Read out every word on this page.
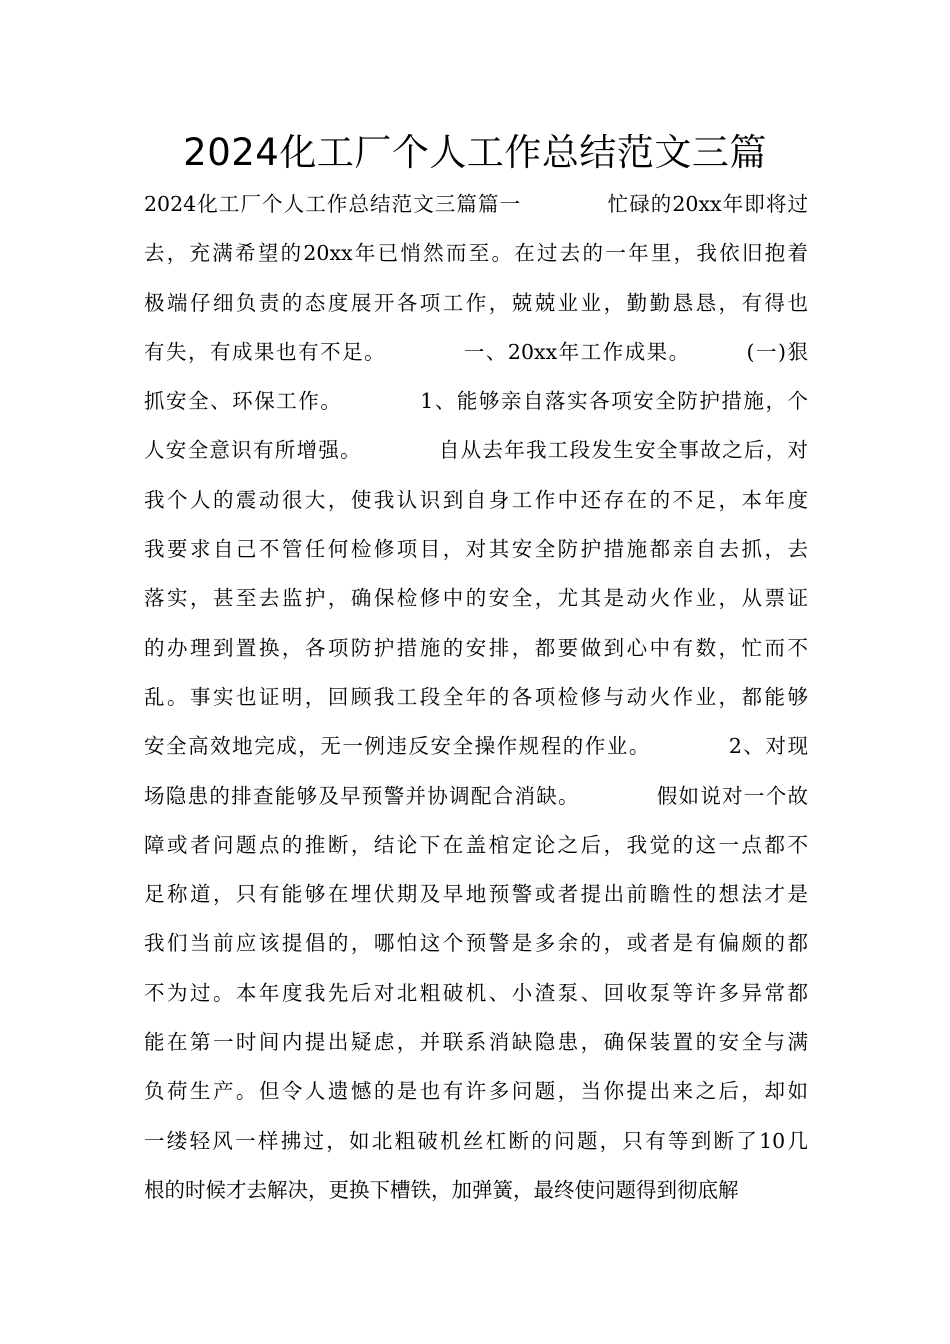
2024化工厂个人工作总结范文三篇
2024化工厂个人工作总结范文三篇篇一　　　　忙碌的20xx年即将过
去，充满希望的20xx年已悄然而至。在过去的一年里，我依旧抱着
极端仔细负责的态度展开各项工作，兢兢业业，勤勤恳恳，有得也
有失，有成果也有不足。　　　　一、20xx年工作成果。　　　(一)狠
抓安全、环保工作。　　　　1、能够亲自落实各项安全防护措施，个
人安全意识有所增强。　　　　自从去年我工段发生安全事故之后，对
我个人的震动很大，使我认识到自身工作中还存在的不足，本年度
我要求自己不管任何检修项目，对其安全防护措施都亲自去抓，去
落实，甚至去监护，确保检修中的安全，尤其是动火作业，从票证
的办理到置换，各项防护措施的安排，都要做到心中有数，忙而不
乱。事实也证明，回顾我工段全年的各项检修与动火作业，都能够
安全高效地完成，无一例违反安全操作规程的作业。　　　　2、对现
场隐患的排查能够及早预警并协调配合消缺。　　　　假如说对一个故
障或者问题点的推断，结论下在盖棺定论之后，我觉的这一点都不
足称道，只有能够在埋伏期及早地预警或者提出前瞻性的想法才是
我们当前应该提倡的，哪怕这个预警是多余的，或者是有偏颇的都
不为过。本年度我先后对北粗破机、小渣泵、回收泵等许多异常都
能在第一时间内提出疑虑，并联系消缺隐患，确保装置的安全与满
负荷生产。但令人遗憾的是也有许多问题，当你提出来之后，却如
一缕轻风一样拂过，如北粗破机丝杠断的问题，只有等到断了10几
根的时候才去解决，更换下槽铁，加弹簧，最终使问题得到彻底解
